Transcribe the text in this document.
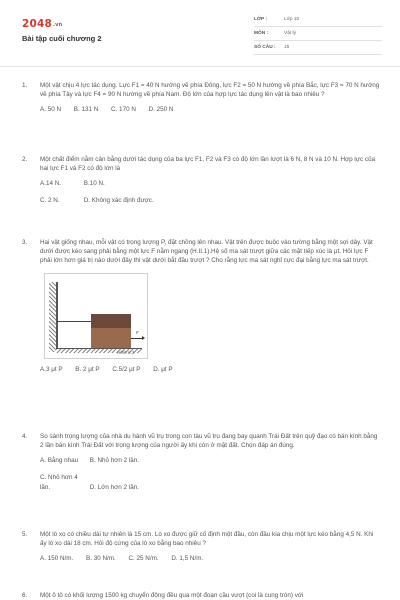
2048.vn
Bài tập cuối chương 2
LỚP :	Lớp 10
MÔN :	Vật lý
SỐ CÂU : 15
1.	Một vật chịu 4 lực tác dụng. Lực F1 = 40 N hướng về phía Đông, lực F2 = 50 N hướng về phía Bắc, lực F3 = 70 N hướng về phía Tây và lực F4 = 90 N hướng về phía Nam. Độ lớn của hợp lực tác dụng lên vật là bao nhiêu ?
A. 50 N B. 131 N C. 170 N D. 250 N
2.	Một chất điểm nằm cân bằng dưới tác dụng của ba lực F1, F2 và F3 có độ lớn lần lượt là 6 N, 8 N và 10 N. Hợp lực của hai lực F1 và F2 có độ lớn là
A.14 N.	B.10 N.
C. 2 N.	D. Không xác định được.
3.	Hai vật giống nhau, mỗi vật có trọng lượng P, đặt chồng lên nhau. Vật trên được buộc vào tường bằng một sợi dây. Vật dưới được kéo sang phải bằng một lực F nằm ngang (H.II.1).Hệ số ma sát trượt giữa các mặt tiếp xúc là μt. Hỏi lực F phải lớn hơn giá trị nào dưới đây thì vật dưới bắt đầu trượt ? Cho rằng lực ma sát nghỉ cực đại bằng lực ma sát trượt.
F
Hình II.1
A.3 μt P B. 2 μt P C.5/2 μt P D. μt P
4.	So sánh trọng lượng của nhà du hành vũ trụ trong con tàu vũ trụ đang bay quanh Trái Đất trên quỹ đạo có bán kính bằng 2 lần bán kính Trái Đất với trọng lượng của người ấy khi còn ở mặt đất. Chọn đáp án đúng.
A. Bằng nhau B. Nhỏ hơn 2 lần.
C. Nhỏ hơn 4 lần.	D. Lớn hơn 2 lần.
5.	Một lò xo có chiều dài tự nhiên là 15 cm. Lò xo được giữ cố định một đầu, còn đầu kia chịu một lực kéo bằng 4,5 N. Khi ấy lò xo dài 18 cm. Hỏi độ cứng của lò xo bằng bao nhiêu ?
A. 150 N/m. B. 30 N/m. C. 25 N/m. D. 1,5 N/m.
6.	Một ô tô có khối lượng 1500 kg chuyển động đều qua một đoạn cầu vượt (coi là cung tròn) với
